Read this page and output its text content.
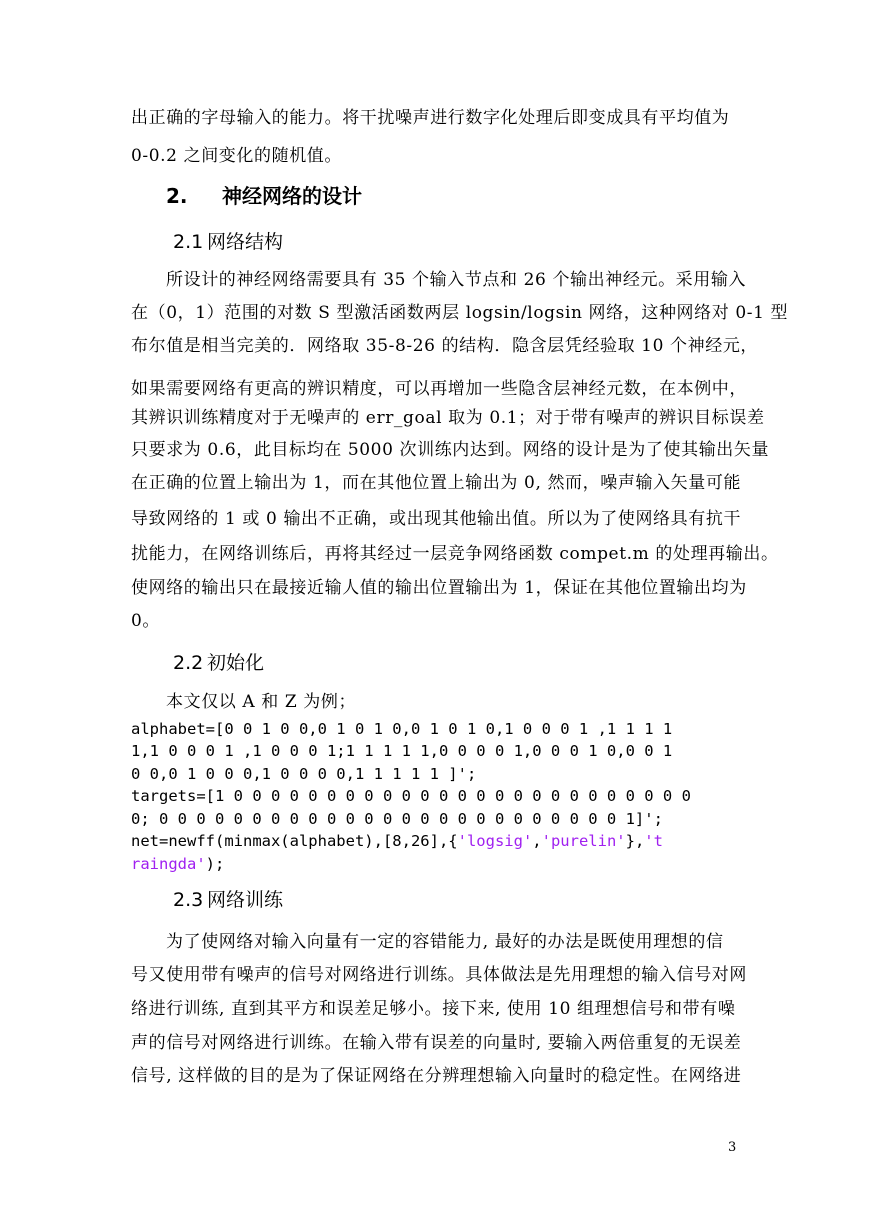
出正确的字母输入的能力。将干扰噪声进行数字化处理后即变成具有平均值为
0-0.2 之间变化的随机值。
2. 神经网络的设计
2.1 网络结构
所设计的神经网络需要具有 35 个输入节点和 26 个输出神经元。采用输入
在（0，1）范围的对数 S 型激活函数两层 logsin/logsin 网络，这种网络对 0-1 型
布尔值是相当完美的．网络取 35-8-26 的结构．隐含层凭经验取 10 个神经元，
如果需要网络有更高的辨识精度，可以再增加一些隐含层神经元数，在本例中，
其辨识训练精度对于无噪声的 err_goal 取为 0.1；对于带有噪声的辨识目标误差
只要求为 0.6，此目标均在 5000 次训练内达到。网络的设计是为了使其输出矢量
在正确的位置上输出为 1，而在其他位置上输出为 0, 然而，噪声输入矢量可能
导致网络的 1 或 0 输出不正确，或出现其他输出值。所以为了使网络具有抗干
扰能力，在网络训练后，再将其经过一层竞争网络函数 compet.m 的处理再输出。
使网络的输出只在最接近输人值的输出位置输出为 1，保证在其他位置输出均为
0。
2.2 初始化
本文仅以 A 和 Z 为例；
alphabet=[0 0 1 0 0,0 1 0 1 0,0 1 0 1 0,1 0 0 0 1 ,1 1 1 1
1,1 0 0 0 1 ,1 0 0 0 1;1 1 1 1 1,0 0 0 0 1,0 0 0 1 0,0 0 1
0 0,0 1 0 0 0,1 0 0 0 0,1 1 1 1 1 ]';
targets=[1 0 0 0 0 0 0 0 0 0 0 0 0 0 0 0 0 0 0 0 0 0 0 0 0 0
0; 0 0 0 0 0 0 0 0 0 0 0 0 0 0 0 0 0 0 0 0 0 0 0 0 0 1]';
net=newff(minmax(alphabet),[8,26],{'logsig','purelin'},'t
raingda');
2.3 网络训练
为了使网络对输入向量有一定的容错能力, 最好的办法是既使用理想的信
号又使用带有噪声的信号对网络进行训练。具体做法是先用理想的输入信号对网
络进行训练, 直到其平方和误差足够小。接下来, 使用 10 组理想信号和带有噪
声的信号对网络进行训练。在输入带有误差的向量时, 要输入两倍重复的无误差
信号, 这样做的目的是为了保证网络在分辨理想输入向量时的稳定性。在网络进
3
